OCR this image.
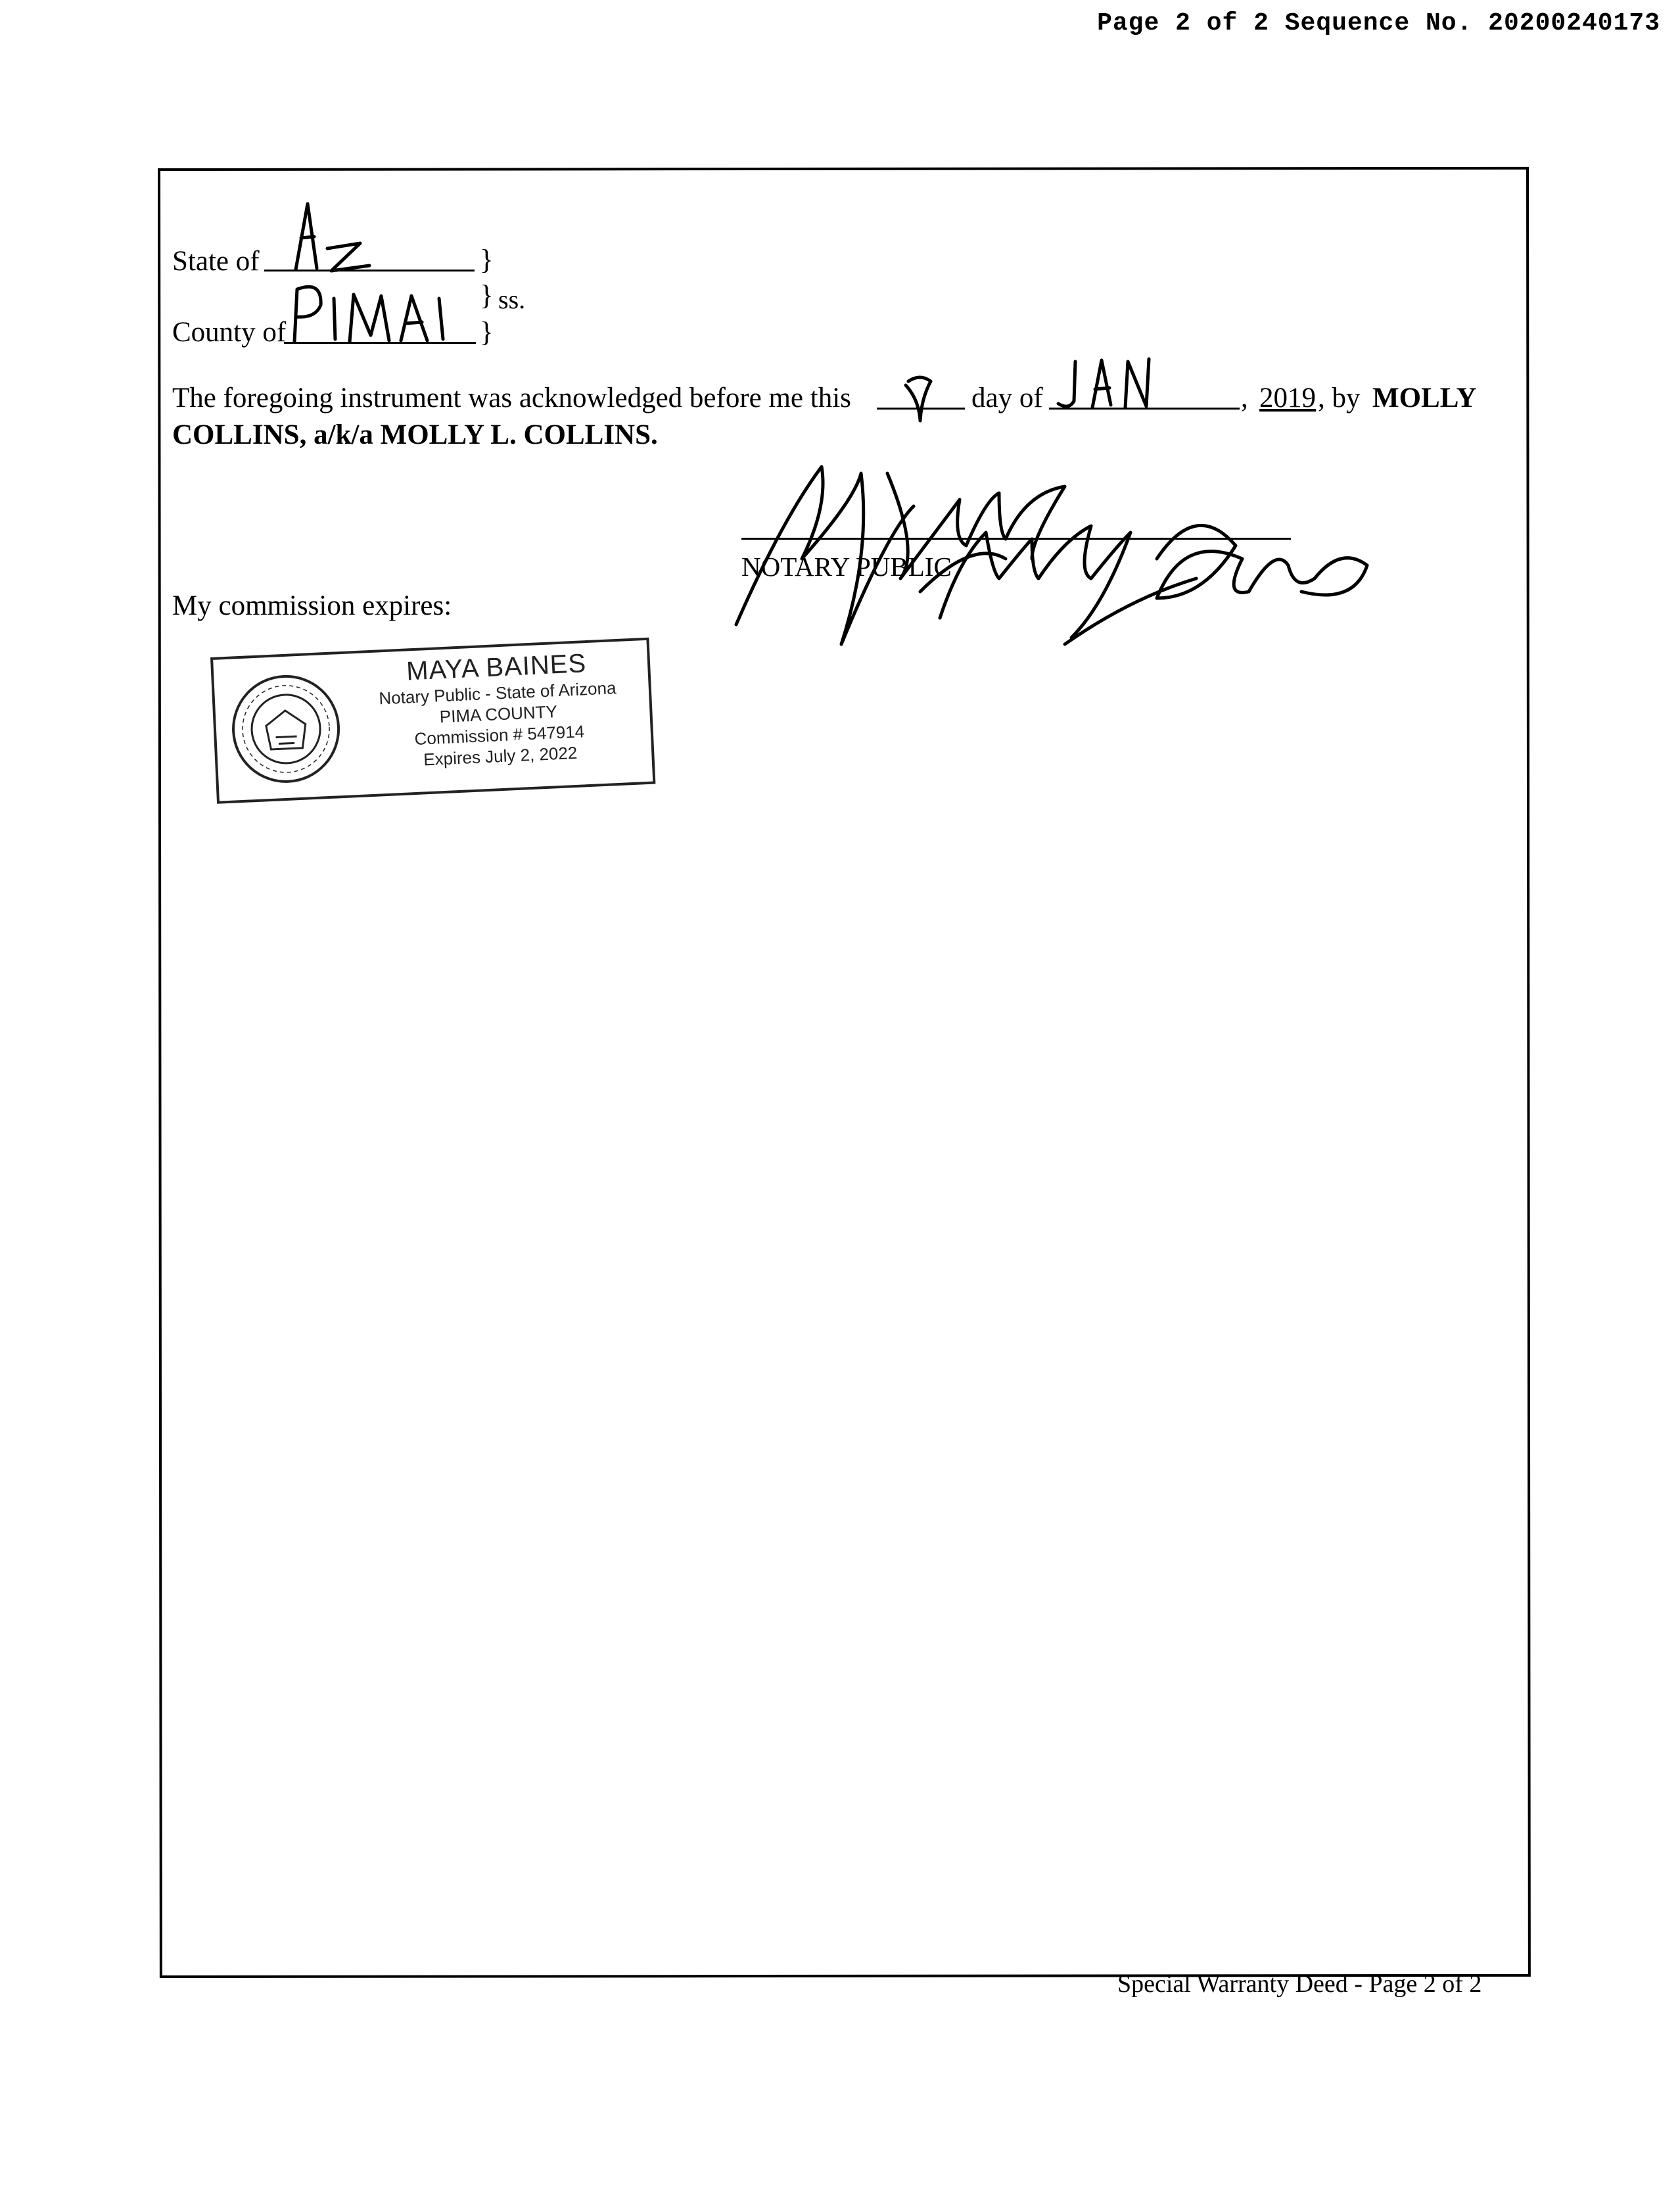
Page 2 of 2 Sequence No. 20200240173
State of	}
County of
} ss.
}
The foregoing instrument was acknowledged before me this	day of	, 2019 , by MOLLY
COLLINS, a/k/a MOLLY L. COLLINS.
NOTARY PUBLIC
My commission expires:
MAYA BAINES
Notary Public - State of Arizona
PIMA COUNTY
Commission # 547914
Expires July 2, 2022
Special Warranty Deed - Page 2 of 2
